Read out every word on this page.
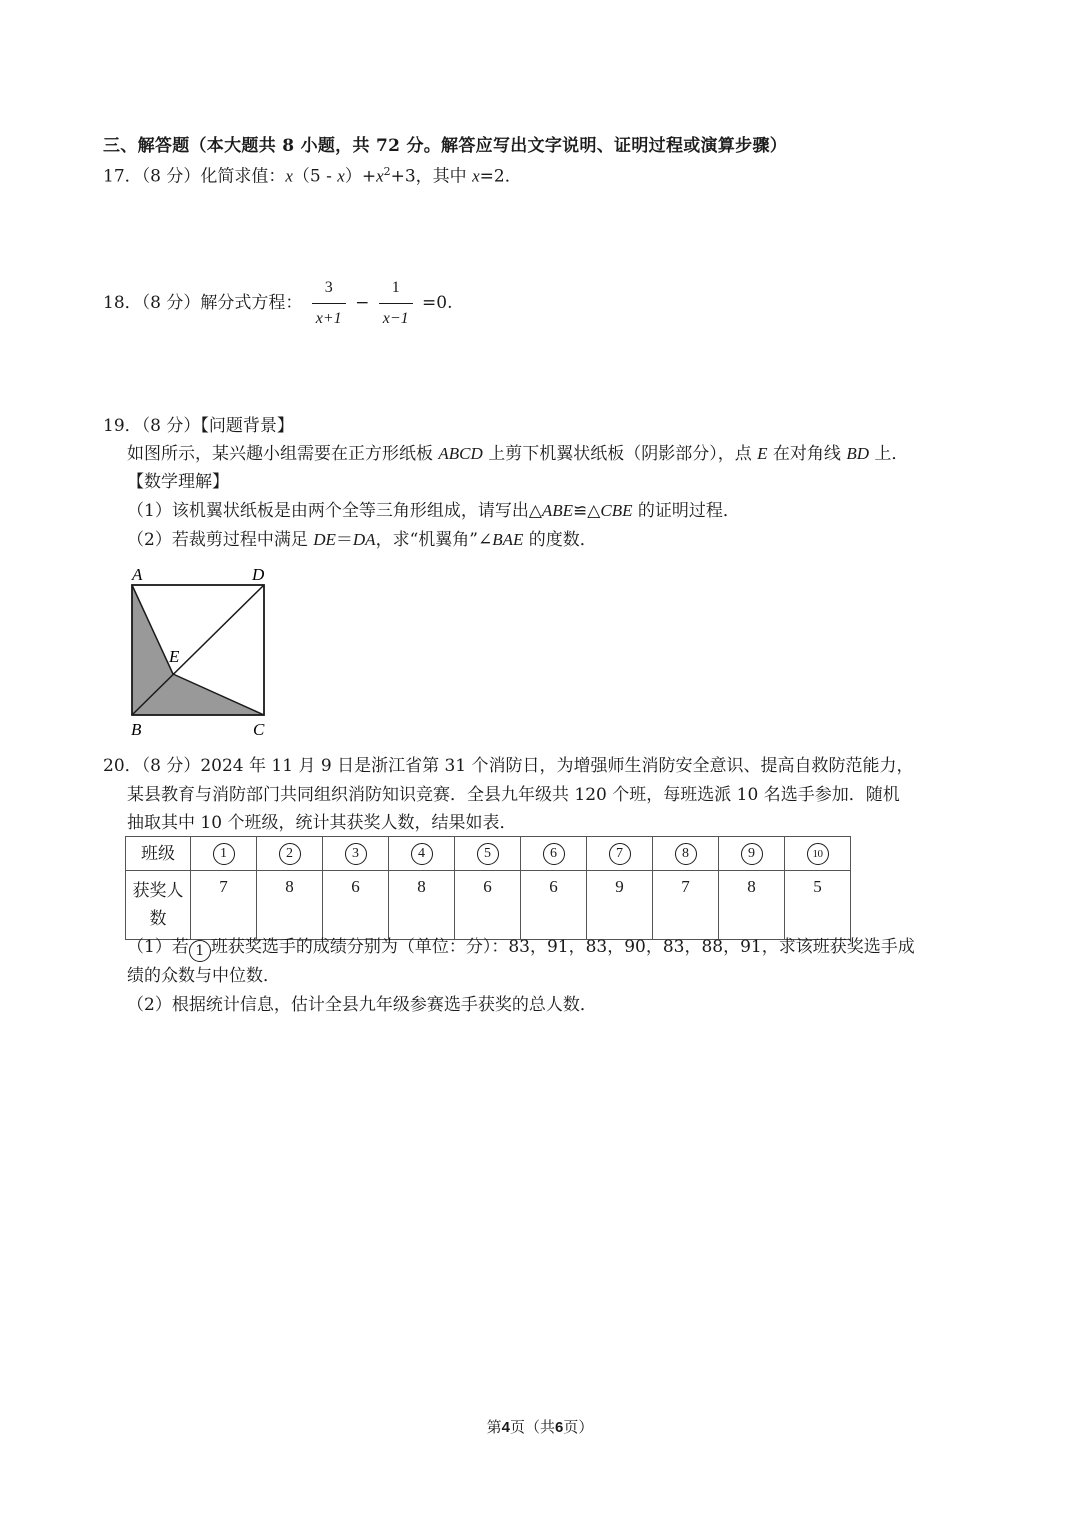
三、解答题（本大题共 8 小题，共 72 分。解答应写出文字说明、证明过程或演算步骤）
17．（8 分）化简求值：$x(5 - x)+x^2+3$，其中 x=2．
18．（8 分）解分式方程： $\frac{3}{x+1} - \frac{1}{x-1} =0$.
19．（8 分）【问题背景】
如图所示，某兴趣小组需要在正方形纸板 ABCD 上剪下机翼状纸板（阴影部分），点 E 在对角线 BD 上．
【数学理解】
（1）该机翼状纸板是由两个全等三角形组成，请写出△ABE≌△CBE 的证明过程．
（2）若裁剪过程中满足 DE＝DA，求“机翼角”∠BAE 的度数．
A	D
E
B	C
20．（8 分）2024 年 11 月 9 日是浙江省第 31 个消防日，为增强师生消防安全意识、提高自救防范能力，
某县教育与消防部门共同组织消防知识竞赛．全县九年级共 120 个班，每班选派 10 名选手参加．随机
抽取其中 10 个班级，统计其获奖人数，结果如表．
班级	1	2	3	4	5	6	7	8	9	10
获奖人
数	7	8	6	8	6	6	9	7	8	5
（1）若 1 班获奖选手的成绩分别为（单位：分）：83，91，83，90，83，88，91，求该班获奖选手成
绩的众数与中位数．
（2）根据统计信息，估计全县九年级参赛选手获奖的总人数．
第4页（共6页）
